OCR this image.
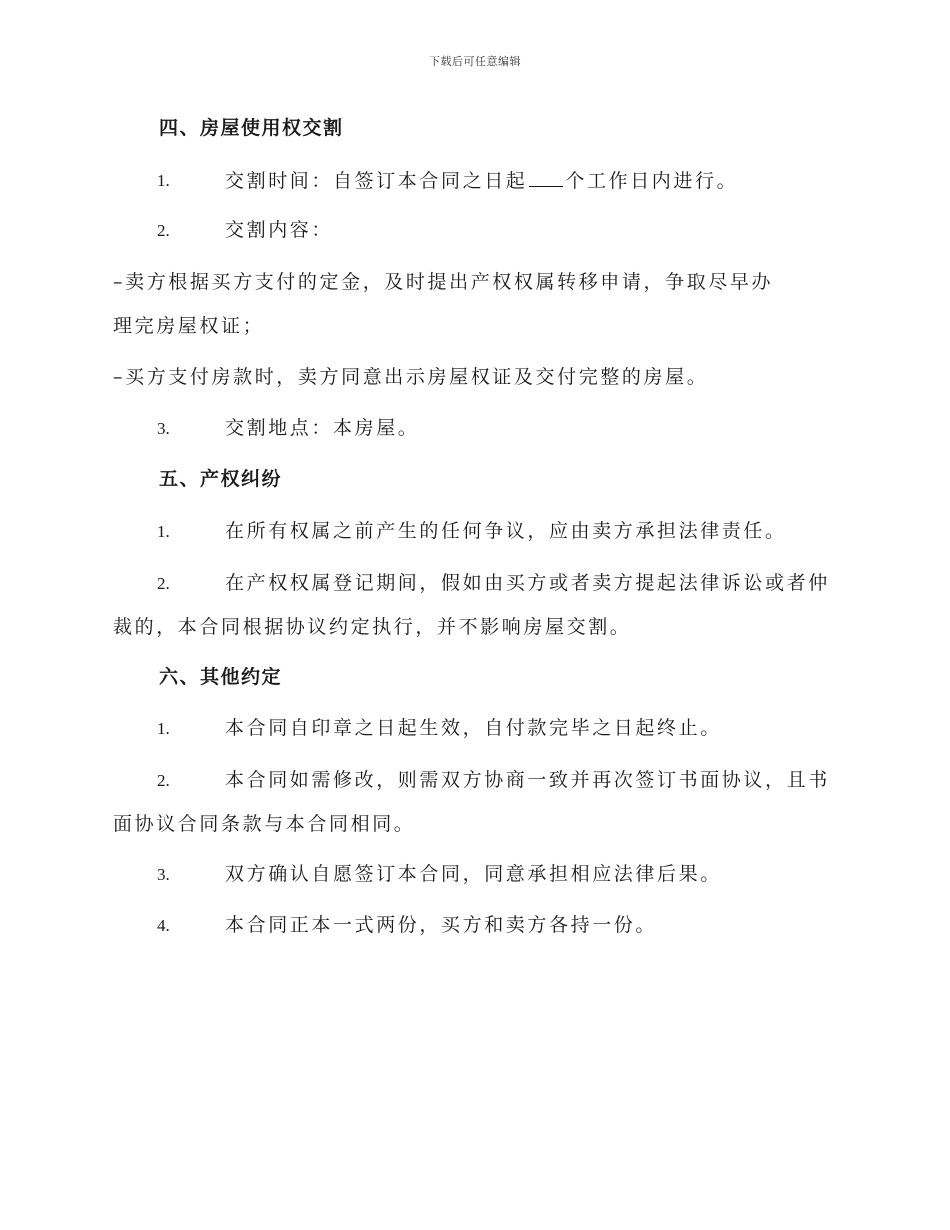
下载后可任意编辑
四、房屋使用权交割
1.	交割时间：自签订本合同之日起 个工作日内进行。
2.	交割内容：
–卖方根据买方支付的定金，及时提出产权权属转移申请，争取尽早办
理完房屋权证；
–买方支付房款时，卖方同意出示房屋权证及交付完整的房屋。
3.	交割地点：本房屋。
五、产权纠纷
1.	在所有权属之前产生的任何争议，应由卖方承担法律责任。
2.	在产权权属登记期间，假如由买方或者卖方提起法律诉讼或者仲
裁的，本合同根据协议约定执行，并不影响房屋交割。
六、其他约定
1.	本合同自印章之日起生效，自付款完毕之日起终止。
2.	本合同如需修改，则需双方协商一致并再次签订书面协议，且书
面协议合同条款与本合同相同。
3.	双方确认自愿签订本合同，同意承担相应法律后果。
4.	本合同正本一式两份，买方和卖方各持一份。
